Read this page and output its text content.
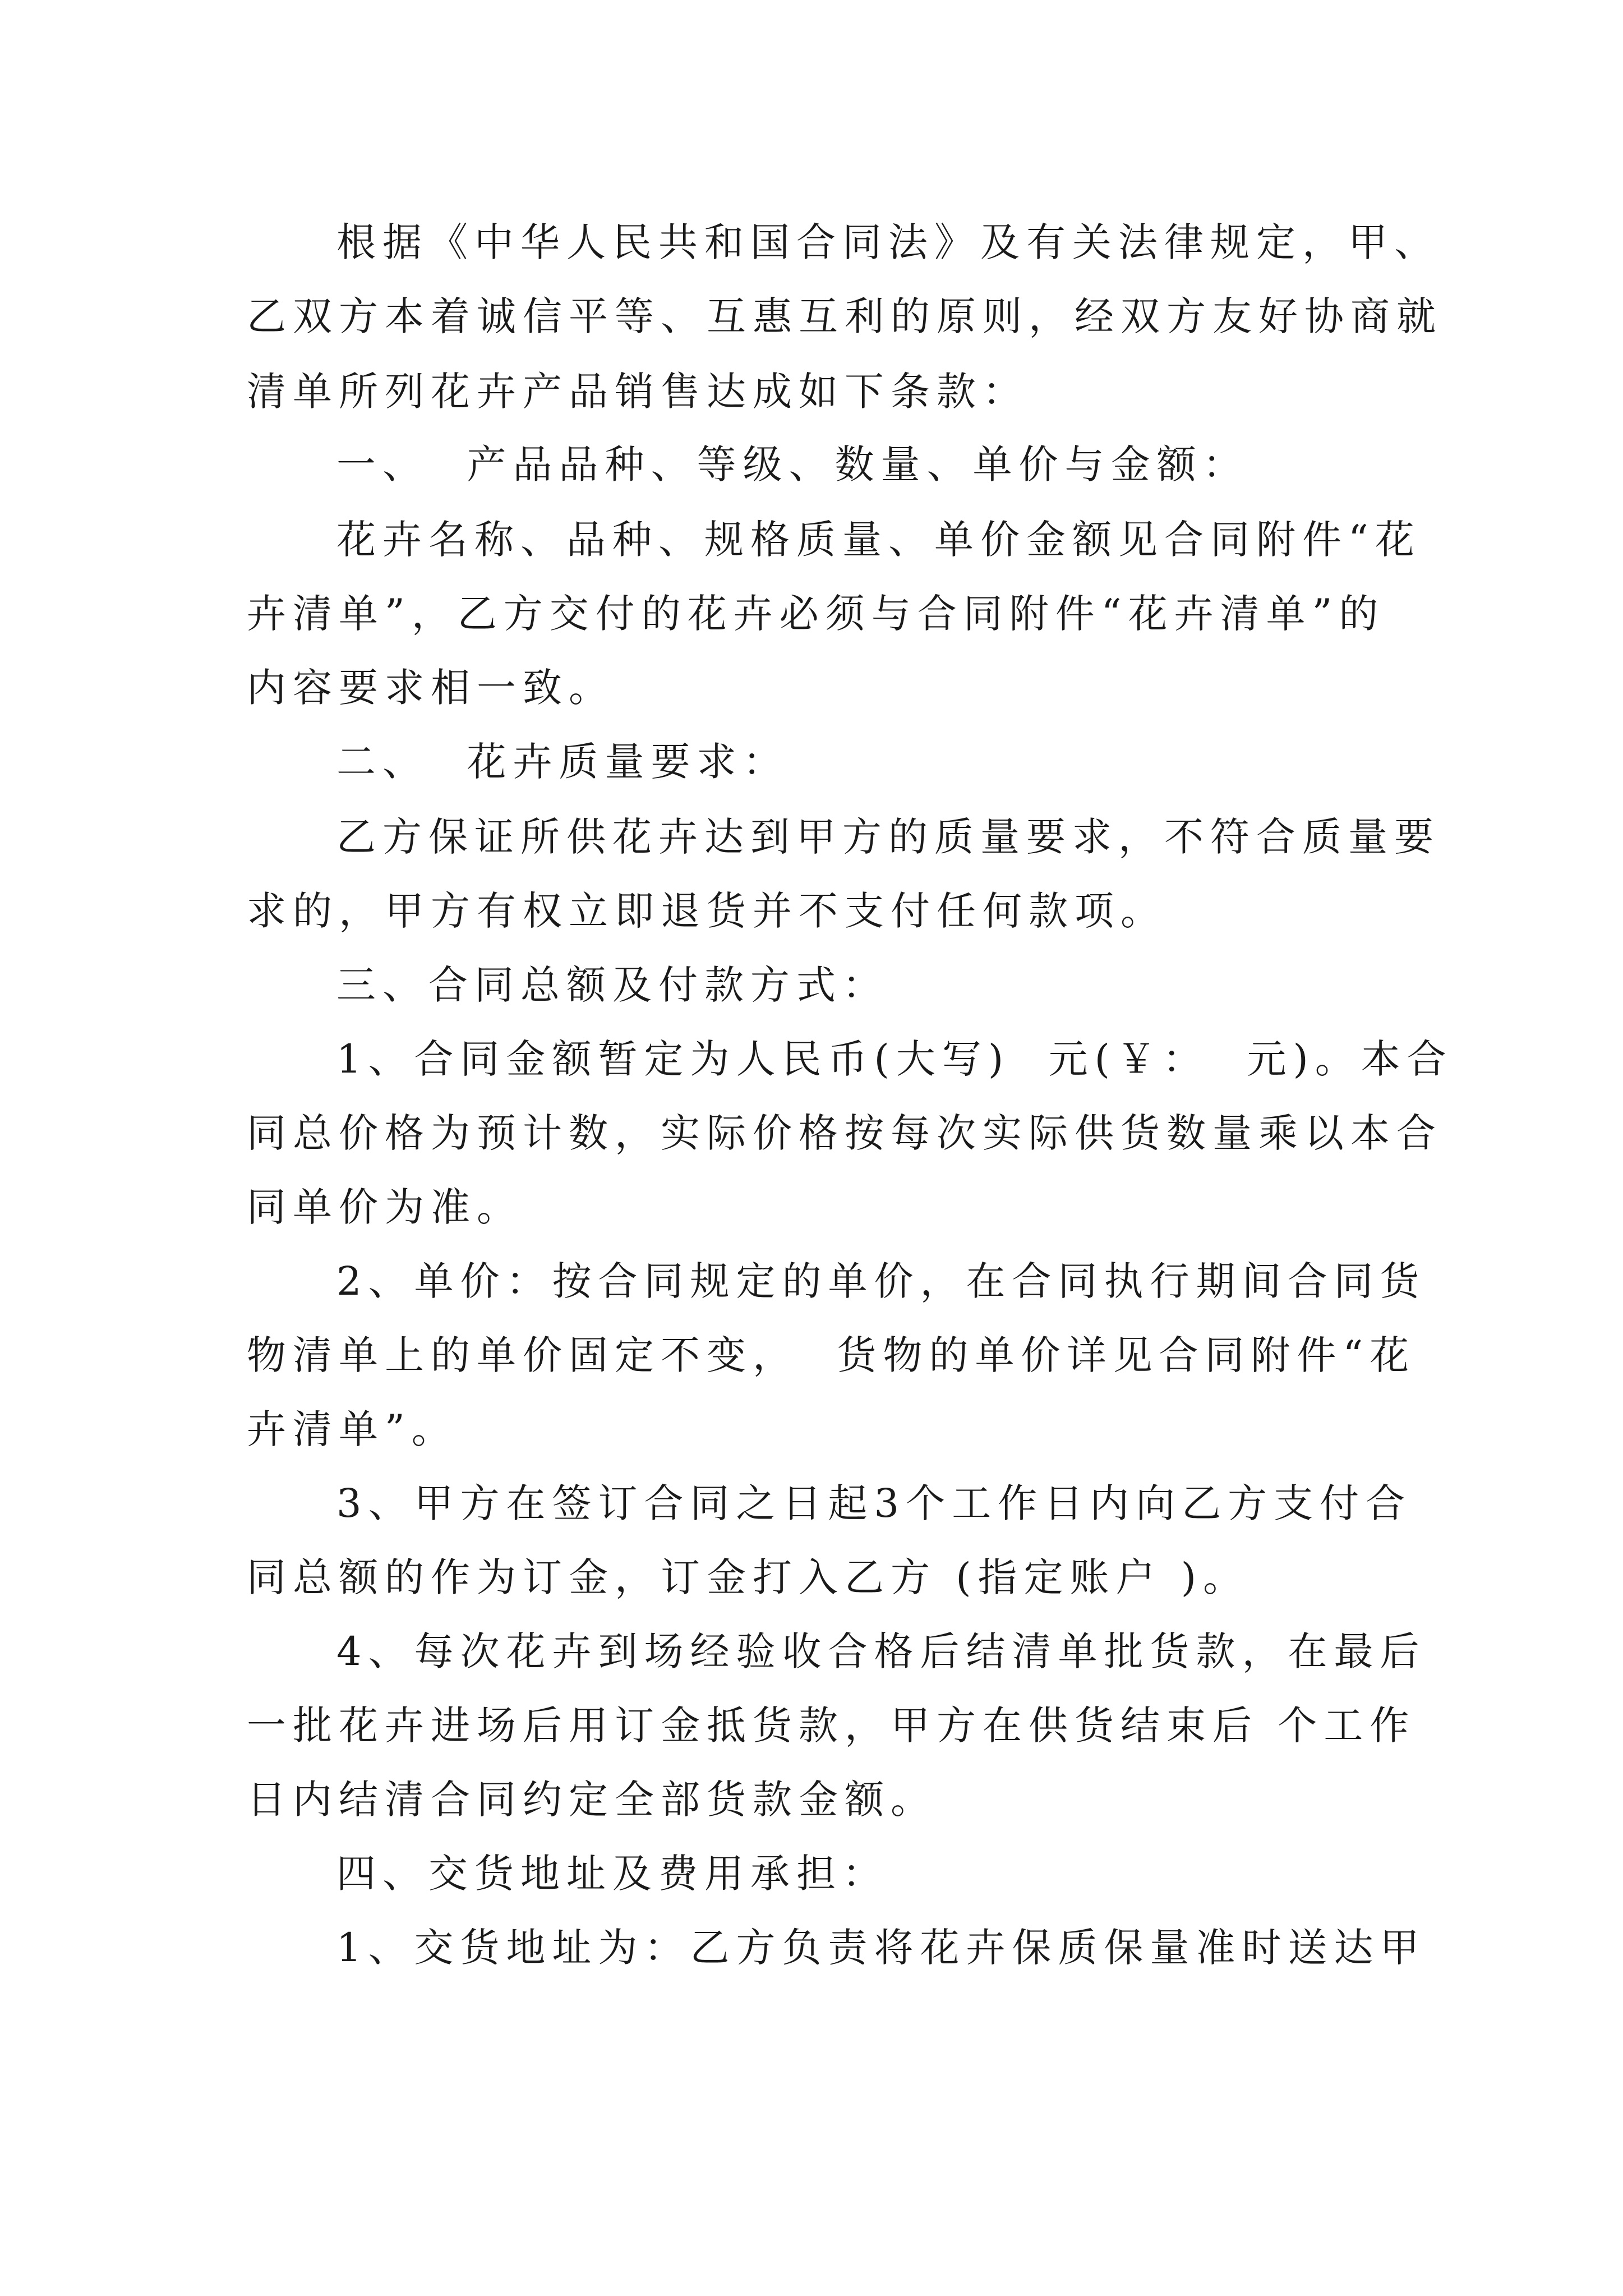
根据《中华人民共和国合同法》及有关法律规定，甲、
乙双方本着诚信平等、互惠互利的原则，经双方友好协商就
清单所列花卉产品销售达成如下条款：
一、  产品品种、等级、数量、单价与金额：
花卉名称、品种、规格质量、单价金额见合同附件“花
卉清单”，乙方交付的花卉必须与合同附件“花卉清单”的
内容要求相一致。
二、  花卉质量要求：
乙方保证所供花卉达到甲方的质量要求，不符合质量要
求的，甲方有权立即退货并不支付任何款项。
三、合同总额及付款方式：
1、合同金额暂定为人民币(大写)  元(￥：  元)。本合
同总价格为预计数，实际价格按每次实际供货数量乘以本合
同单价为准。
2、单价：按合同规定的单价，在合同执行期间合同货
物清单上的单价固定不变，  货物的单价详见合同附件“花
卉清单”。
3、甲方在签订合同之日起3个工作日内向乙方支付合
同总额的作为订金，订金打入乙方 (指定账户 )。
4、每次花卉到场经验收合格后结清单批货款，在最后
一批花卉进场后用订金抵货款，甲方在供货结束后 个工作
日内结清合同约定全部货款金额。
四、交货地址及费用承担：
1、交货地址为：乙方负责将花卉保质保量准时送达甲
